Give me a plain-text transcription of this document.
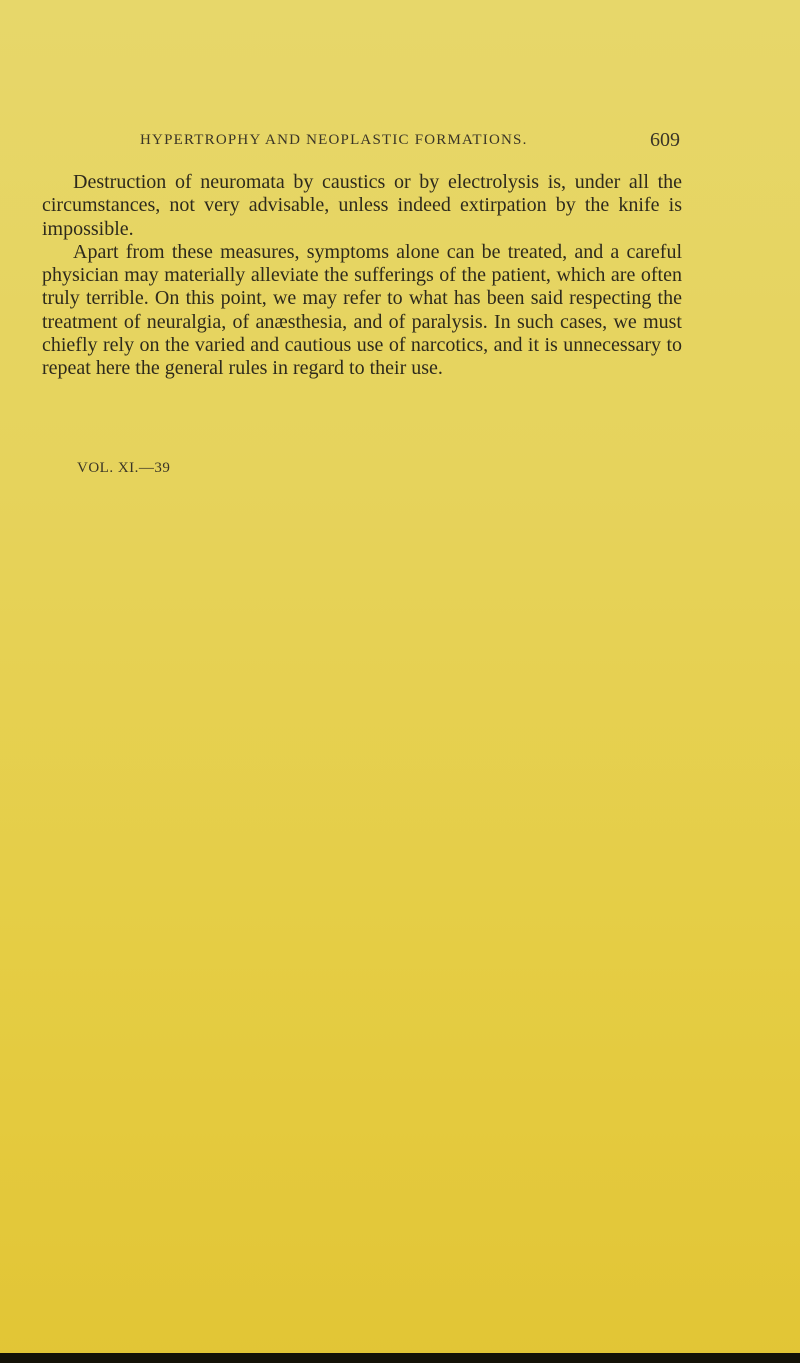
HYPERTROPHY AND NEOPLASTIC FORMATIONS.	609

Destruction of neuromata by caustics or by electrolysis is, under all the circumstances, not very advisable, unless indeed extirpation by the knife is impossible.

Apart from these measures, symptoms alone can be treated, and a careful physician may materially alleviate the sufferings of the patient, which are often truly terrible. On this point, we may refer to what has been said respecting the treatment of neuralgia, of anæsthesia, and of paralysis. In such cases, we must chiefly rely on the varied and cautious use of narcotics, and it is unnecessary to repeat here the general rules in regard to their use.

VOL. XI.—39
